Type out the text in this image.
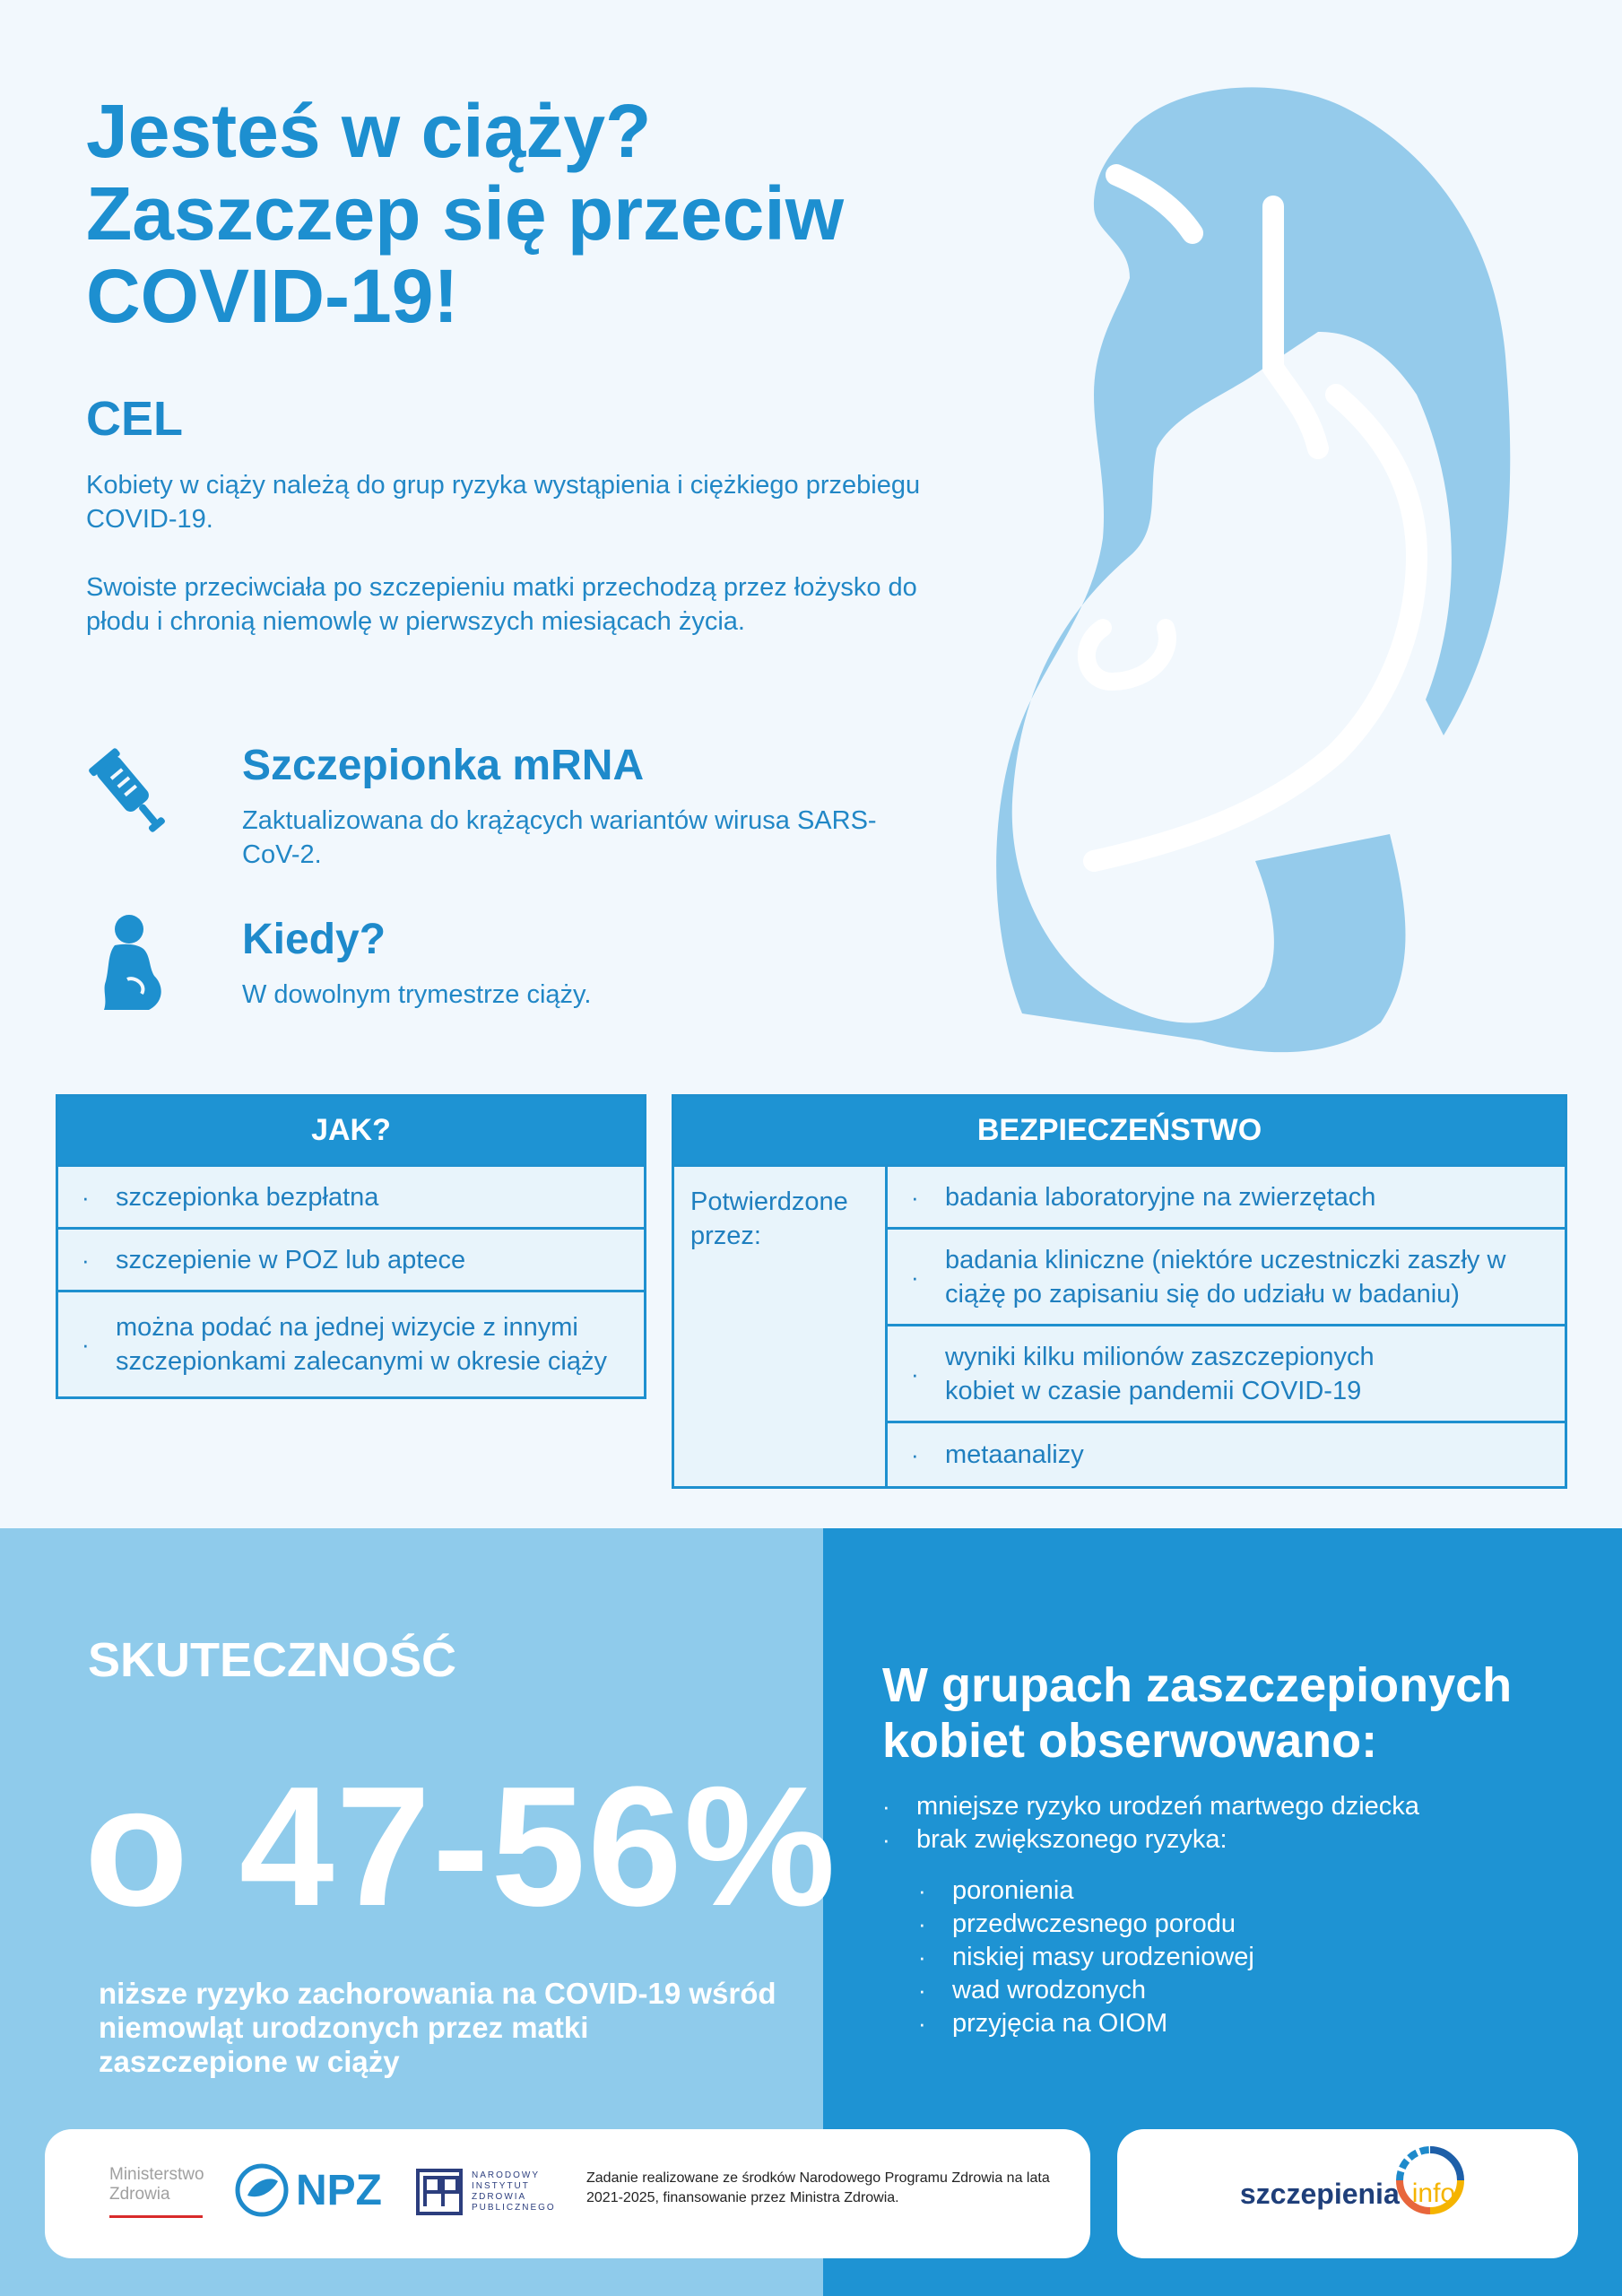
Jesteś w ciąży?
Zaszczep się przeciw
COVID-19!
CEL
Kobiety w ciąży należą do grup ryzyka wystąpienia i ciężkiego przebiegu COVID-19.
Swoiste przeciwciała po szczepieniu matki przechodzą przez łożysko do płodu i chronią niemowlę w pierwszych miesiącach życia.
Szczepionka mRNA
Zaktualizowana do krążących wariantów wirusa SARS-CoV-2.
Kiedy?
W dowolnym trymestrze ciąży.
JAK?
·	szczepionka bezpłatna
·	szczepienie w POZ lub aptece
·
można podać na jednej wizycie z innymi szczepionkami zalecanymi w okresie ciąży
BEZPIECZEŃSTWO
Potwierdzone przez:
·	badania laboratoryjne na zwierzętach
·
badania kliniczne (niektóre uczestniczki zaszły w ciążę po zapisaniu się do udziału w badaniu)
·
wyniki kilku milionów zaszczepionych kobiet w czasie pandemii COVID-19
·	metaanalizy
SKUTECZNOŚĆ
o 47-56%
niższe ryzyko zachorowania na COVID-19 wśród niemowląt urodzonych przez matki zaszczepione w ciąży
W grupach zaszczepionych kobiet obserwowano:
·	mniejsze ryzyko urodzeń martwego dziecka
·	brak zwiększonego ryzyka:
·	poronienia
·	przedwczesnego porodu
·	niskiej masy urodzeniowej
·	wad wrodzonych
·	przyjęcia na OIOM
Ministerstwo
Zdrowia	NPZ	NARODOWY INSTYTUT ZDROWIA PUBLICZNEGO
Zadanie realizowane ze środków Narodowego Programu Zdrowia na lata 2021-2025, finansowanie przez Ministra Zdrowia.	szczepienia info
